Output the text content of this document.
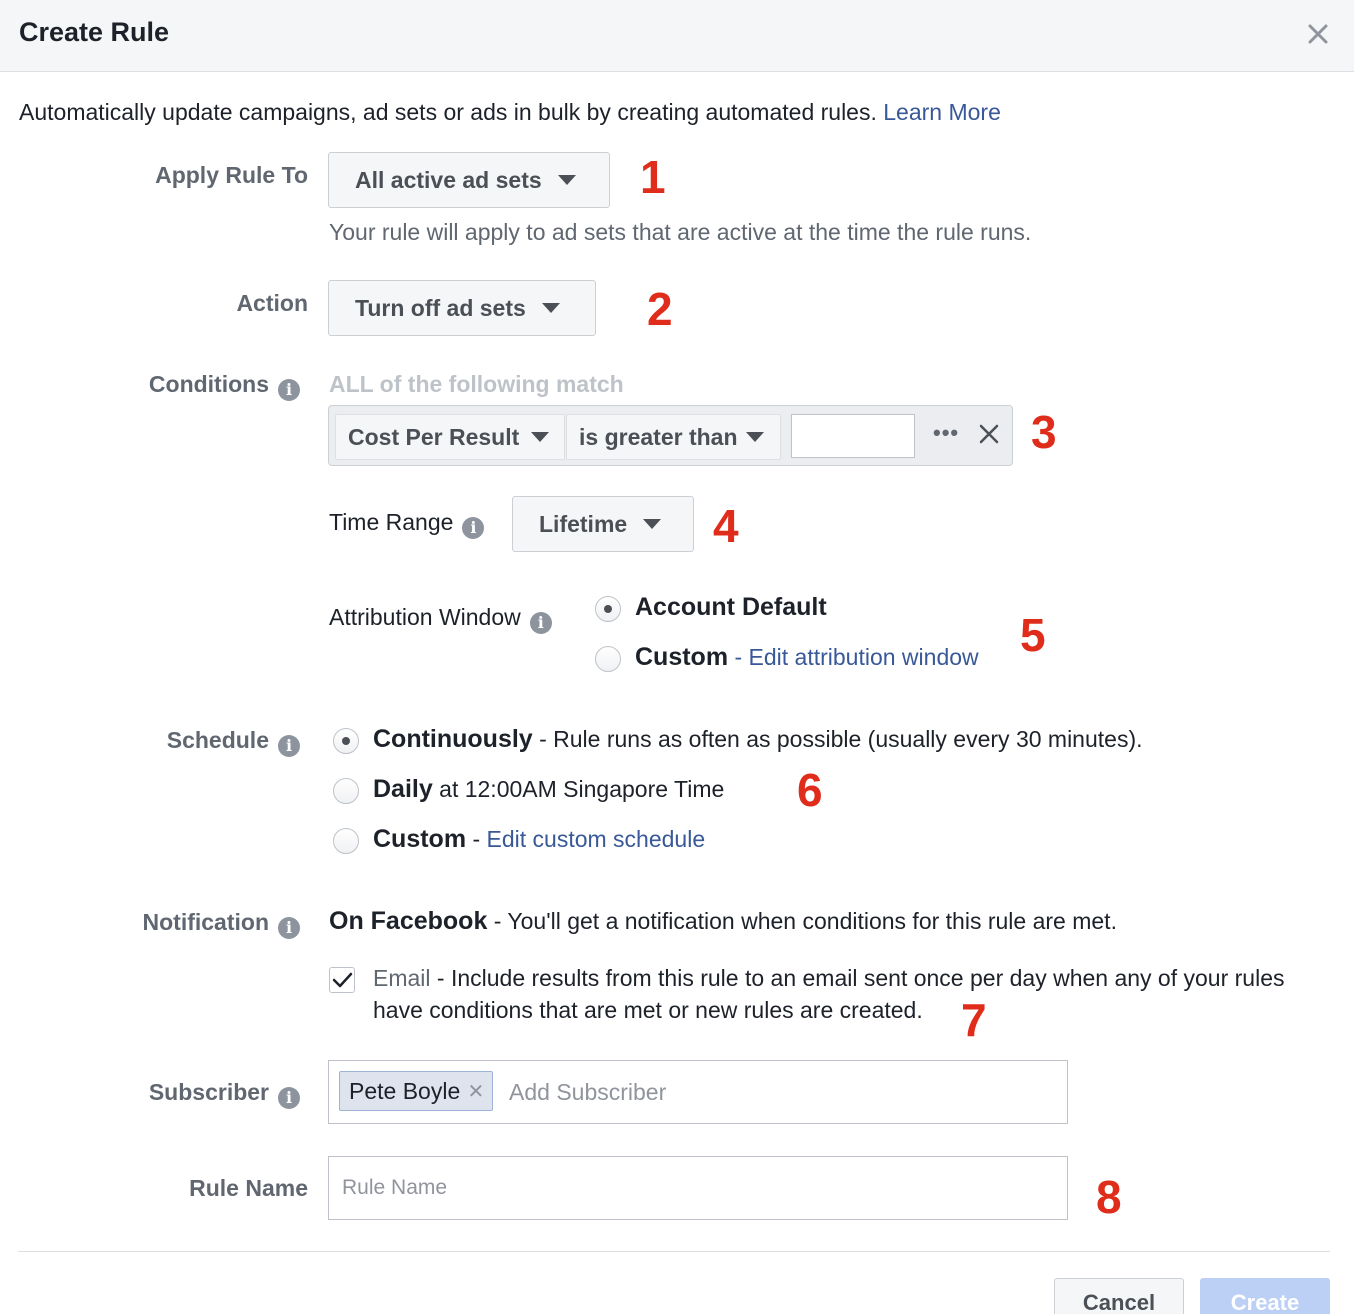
Create Rule
Automatically update campaigns, ad sets or ads in bulk by creating automated rules. Learn More
Apply Rule To All active ad sets
Your rule will apply to ad sets that are active at the time the rule runs.
1
Action Turn off ad sets	2
Conditions i	ALL of the following match
Cost Per Result	is greater than	••• 3
Time Range i	Lifetime 4
Attribution Window i
Account Default
Custom - Edit attribution window 5
Schedule i	Continuously - Rule runs as often as possible (usually every 30 minutes).
Daily at 12:00AM Singapore Time
Custom - Edit custom schedule
6
Notification i	On Facebook - You'll get a notification when conditions for this rule are met.
Email - Include results from this rule to an email sent once per day when any of your rules
have conditions that are met or new rules are created. 7
Subscriber i	Pete Boyle ✕ Add Subscriber
Rule Name Rule Name	8
Cancel	Create
